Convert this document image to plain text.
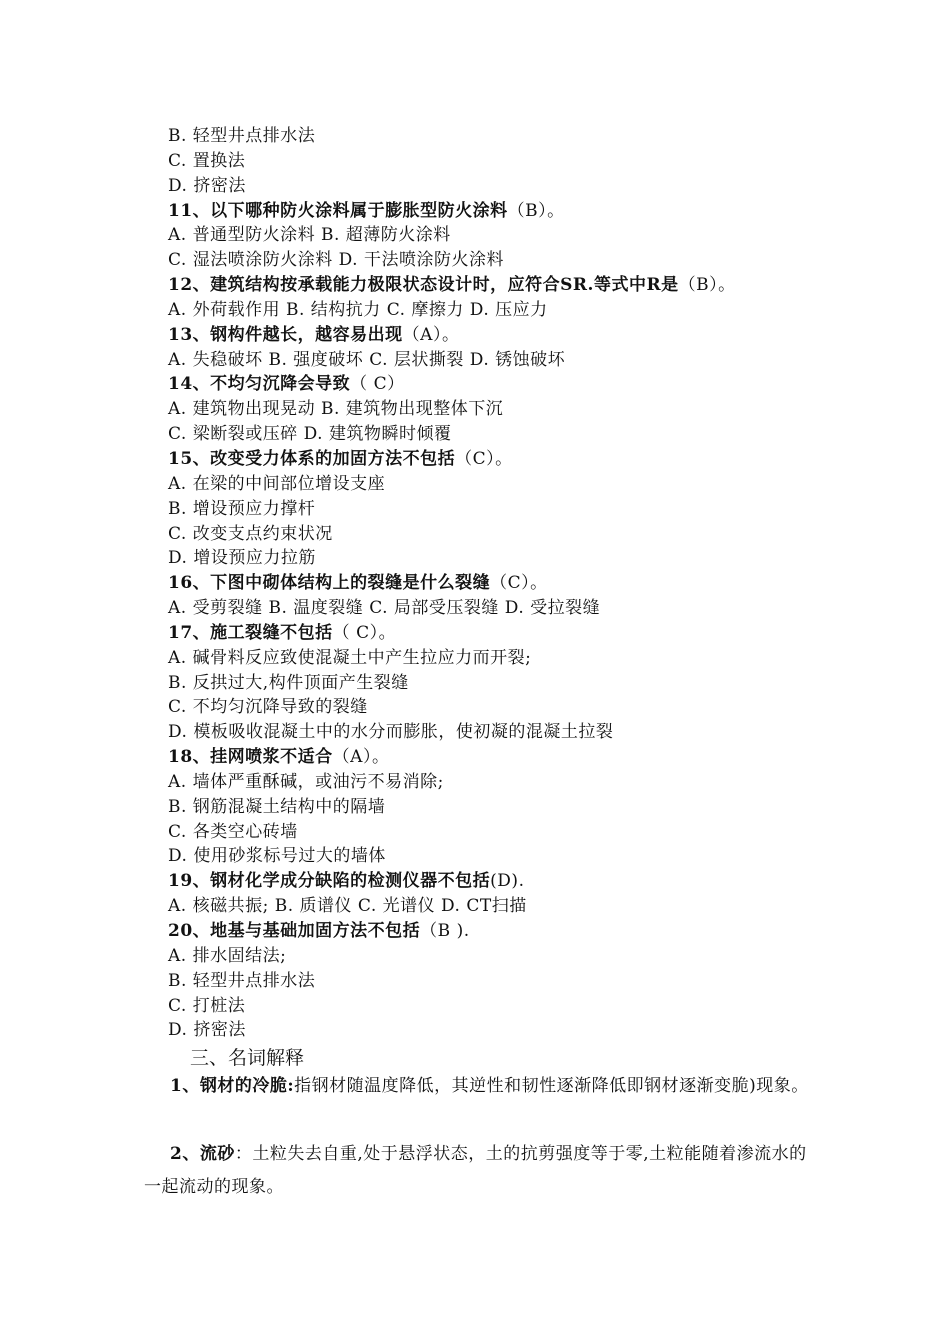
B. 轻型井点排水法
C. 置换法
D. 挤密法
11、以下哪种防火涂料属于膨胀型防火涂料（B）。
A. 普通型防火涂料 B. 超薄防火涂料
C. 湿法喷涂防火涂料 D. 干法喷涂防火涂料
12、建筑结构按承载能力极限状态设计时，应符合SR.等式中R是（B）。
A. 外荷载作用 B. 结构抗力 C. 摩擦力 D. 压应力
13、钢构件越长，越容易出现（A）。
A. 失稳破坏 B. 强度破坏 C. 层状撕裂 D. 锈蚀破坏
14、不均匀沉降会导致（ C）
A. 建筑物出现晃动 B. 建筑物出现整体下沉
C. 梁断裂或压碎 D. 建筑物瞬时倾覆
15、改变受力体系的加固方法不包括（C）。
A. 在梁的中间部位增设支座
B. 增设预应力撑杆
C. 改变支点约束状况
D. 增设预应力拉筋
16、下图中砌体结构上的裂缝是什么裂缝（C）。
A. 受剪裂缝 B. 温度裂缝 C. 局部受压裂缝 D. 受拉裂缝
17、施工裂缝不包括（ C）。
A. 碱骨料反应致使混凝土中产生拉应力而开裂;
B. 反拱过大,构件顶面产生裂缝
C. 不均匀沉降导致的裂缝
D. 模板吸收混凝土中的水分而膨胀，使初凝的混凝土拉裂
18、挂网喷浆不适合（A）。
A. 墙体严重酥碱，或油污不易消除;
B. 钢筋混凝土结构中的隔墙
C. 各类空心砖墙
D. 使用砂浆标号过大的墙体
19、钢材化学成分缺陷的检测仪器不包括(D).
A. 核磁共振; B. 质谱仪 C. 光谱仪 D. CT扫描
20、地基与基础加固方法不包括（B ).
A. 排水固结法;
B. 轻型井点排水法
C. 打桩法
D. 挤密法
三、名词解释
1、钢材的冷脆:指钢材随温度降低，其逆性和韧性逐渐降低即钢材逐渐变脆)现象。
2、流砂：土粒失去自重,处于悬浮状态，土的抗剪强度等于零,土粒能随着渗流水的一起流动的现象。
